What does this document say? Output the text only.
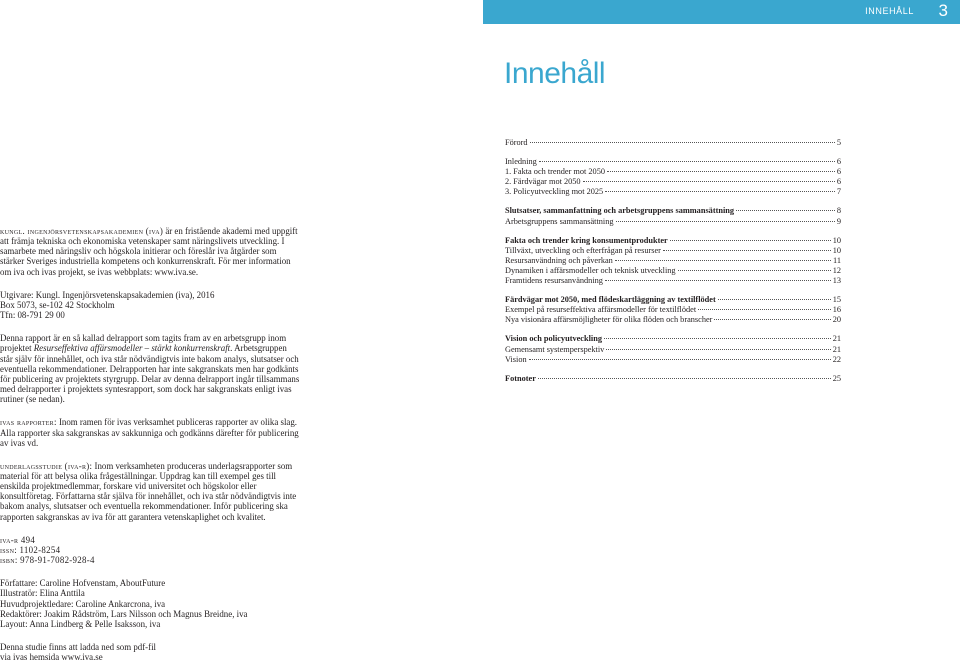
INNEHÅLL 3
Innehåll

kungl. ingenjörsvetenskapsakademien (iva) är en fristående akademi med uppgift att främja tekniska och ekonomiska vetenskaper samt näringslivets utveckling. I samarbete med näringsliv och högskola initierar och föreslår iva åtgärder som stärker Sveriges industriella kompetens och konkurrenskraft. För mer information om iva och ivas projekt, se ivas webbplats: www.iva.se.

Utgivare: Kungl. Ingenjörsvetenskapsakademien (iva), 2016

Box 5073, se-102 42 Stockholm

Tfn: 08-791 29 00

Denna rapport är en så kallad delrapport som tagits fram av en arbetsgrupp inom projektet Resurseffektiva affärsmodeller – stärkt konkurrenskraft. Arbetsgruppen står själv för innehållet, och iva står nödvändigtvis inte bakom analys, slutsatser och eventuella rekommendationer. Delrapporten har inte sakgranskats men har godkänts för publicering av projektets styrgrupp. Delar av denna delrapport ingår tillsammans med delrapporter i projektets syntesrapport, som dock har sakgranskats enligt ivas rutiner (se nedan).

ivas rapporter: Inom ramen för ivas verksamhet publiceras rapporter av olika slag. Alla rapporter ska sakgranskas av sakkunniga och godkänns därefter för publicering av ivas vd.

underlagsstudie (iva-r): Inom verksamheten produceras underlagsrapporter som material för att belysa olika frågeställningar. Uppdrag kan till exempel ges till enskilda projektmedlemmar, forskare vid universitet och högskolor eller konsultföretag. Författarna står själva för innehållet, och iva står nödvändigtvis inte bakom analys, slutsatser och eventuella rekommendationer. Inför publicering ska rapporten sakgranskas av iva för att garantera vetenskaplighet och kvalitet.

iva-r 494

issn: 1102-8254

isbn: 978-91-7082-928-4

Författare: Caroline Hofvenstam, AboutFuture

Illustratör: Elina Anttila

Huvudprojektledare: Caroline Ankarcrona, iva

Redaktörer: Joakim Rådström, Lars Nilsson och Magnus Breidne, iva

Layout: Anna Lindberg & Pelle Isaksson, iva

Denna studie finns att ladda ned som pdf-fil

via ivas hemsida www.iva.se

Förord	5
Inledning	6
1. Fakta och trender mot 2050	6
2. Färdvägar mot 2050	6
3. Policyutveckling mot 2025	7
Slutsatser, sammanfattning och arbetsgruppens sammansättning	8
Arbetsgruppens sammansättning	9
Fakta och trender kring konsumentprodukter	10
Tillväxt, utveckling och efterfrågan på resurser	10
Resursanvändning och påverkan	11
Dynamiken i affärsmodeller och teknisk utveckling	12
Framtidens resursanvändning	13
Färdvägar mot 2050, med flödeskartläggning av textilflödet	15
Exempel på resurseffektiva affärsmodeller för textilflödet	16
Nya visionära affärsmöjligheter för olika flöden och branscher	20
Vision och policyutveckling	21
Gemensamt systemperspektiv	21
Vision	22
Fotnoter	25
